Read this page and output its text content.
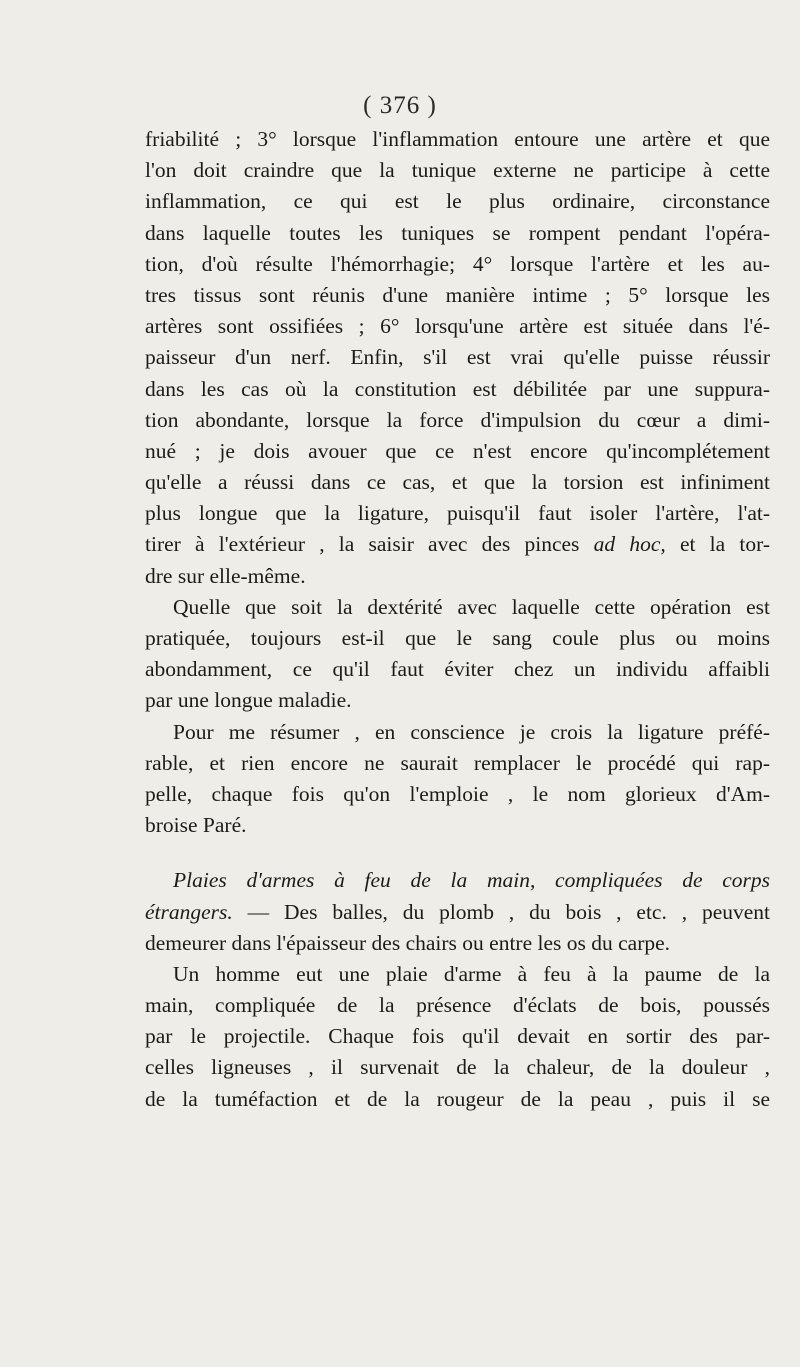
( 376 )
friabilité ; 3° lorsque l'inflammation entoure une artère et que
l'on doit craindre que la tunique externe ne participe à cette
inflammation, ce qui est le plus ordinaire, circonstance
dans laquelle toutes les tuniques se rompent pendant l'opéra-
tion, d'où résulte l'hémorrhagie; 4° lorsque l'artère et les au-
tres tissus sont réunis d'une manière intime ; 5° lorsque les
artères sont ossifiées ; 6° lorsqu'une artère est située dans l'é-
paisseur d'un nerf. Enfin, s'il est vrai qu'elle puisse réussir
dans les cas où la constitution est débilitée par une suppura-
tion abondante, lorsque la force d'impulsion du cœur a dimi-
nué ; je dois avouer que ce n'est encore qu'incomplétement
qu'elle a réussi dans ce cas, et que la torsion est infiniment
plus longue que la ligature, puisqu'il faut isoler l'artère, l'at-
tirer à l'extérieur , la saisir avec des pinces ad hoc, et la tor-
dre sur elle-même.
Quelle que soit la dextérité avec laquelle cette opération est
pratiquée, toujours est-il que le sang coule plus ou moins
abondamment, ce qu'il faut éviter chez un individu affaibli
par une longue maladie.
Pour me résumer , en conscience je crois la ligature préfé-
rable, et rien encore ne saurait remplacer le procédé qui rap-
pelle, chaque fois qu'on l'emploie , le nom glorieux d'Am-
broise Paré.
Plaies d'armes à feu de la main, compliquées de corps
étrangers. — Des balles, du plomb , du bois , etc. , peuvent
demeurer dans l'épaisseur des chairs ou entre les os du carpe.
Un homme eut une plaie d'arme à feu à la paume de la
main, compliquée de la présence d'éclats de bois, poussés
par le projectile. Chaque fois qu'il devait en sortir des par-
celles ligneuses , il survenait de la chaleur, de la douleur ,
de la tuméfaction et de la rougeur de la peau , puis il se
